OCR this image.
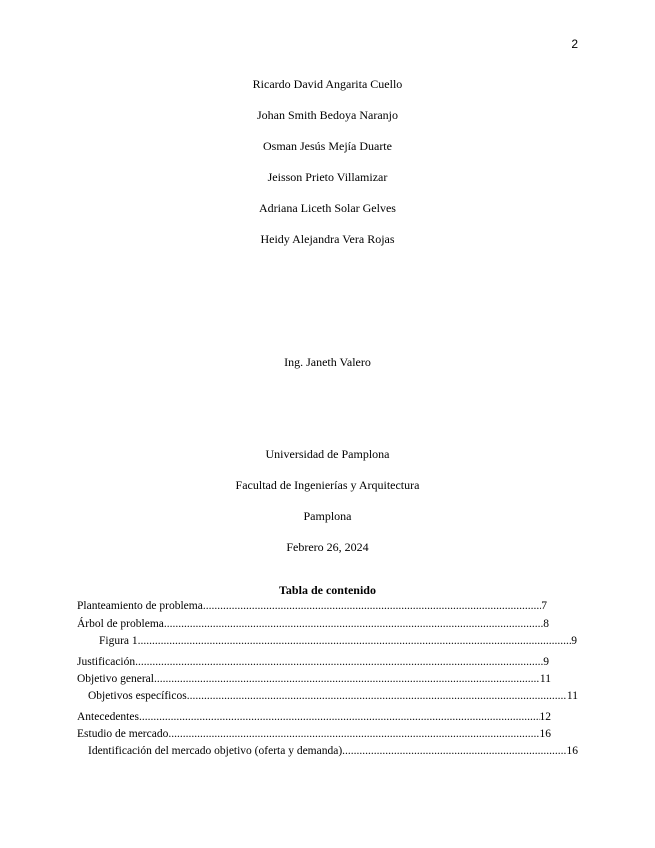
2
Ricardo David Angarita Cuello
Johan Smith Bedoya Naranjo
Osman Jesús Mejía Duarte
Jeisson Prieto Villamizar
Adriana Liceth Solar Gelves
Heidy Alejandra Vera Rojas
Ing. Janeth Valero
Universidad de Pamplona
Facultad de Ingenierías y Arquitectura
Pamplona
Febrero 26, 2024
Tabla de contenido
Planteamiento de problema .....	7
Árbol de problema .....	8
Figura 1 .....	9
Justificación .....	9
Objetivo general .....	11
Objetivos específicos .....	11
Antecedentes .....	12
Estudio de mercado .....	16
Identificación del mercado objetivo (oferta y demanda) .....	16
